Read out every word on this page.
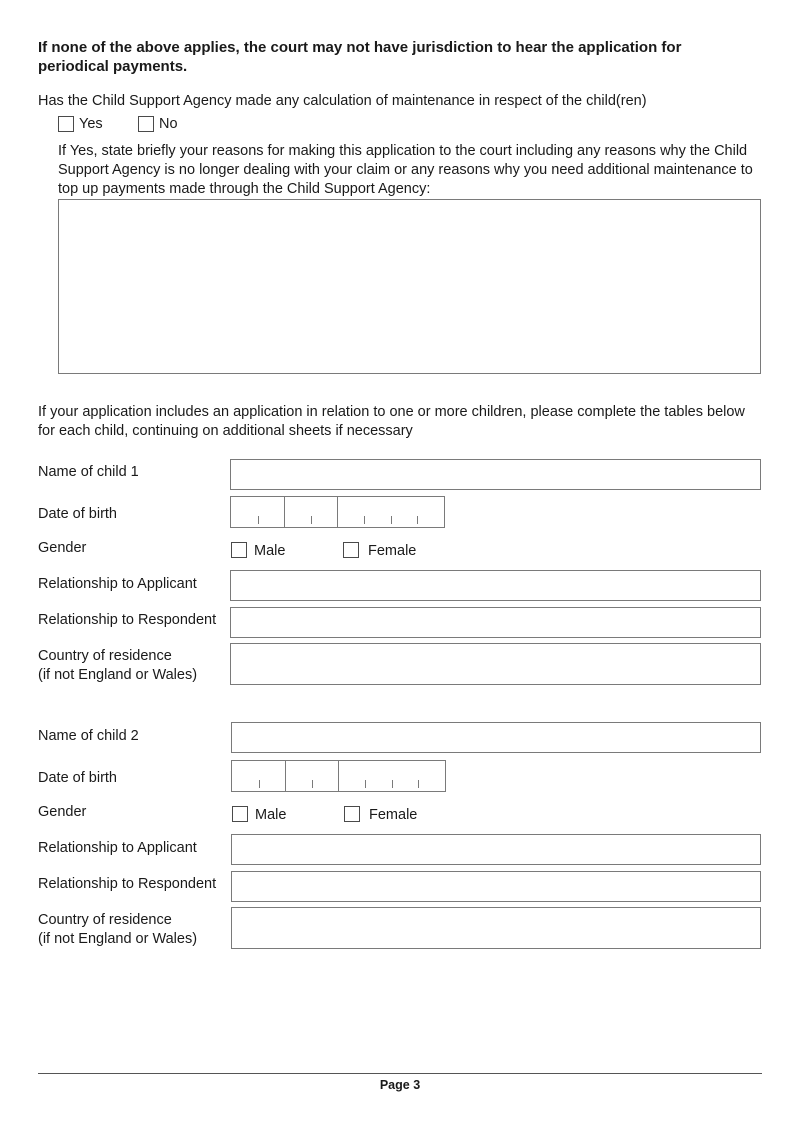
If none of the above applies, the court may not have jurisdiction to hear the application for periodical payments.
Has the Child Support Agency made any calculation of maintenance in respect of the child(ren)
Yes	No
If Yes, state briefly your reasons for making this application to the court including any reasons why the Child Support Agency is no longer dealing with your claim or any reasons why you need additional maintenance to top up payments made through the Child Support Agency:
If your application includes an application in relation to one or more children, please complete the tables below for each child, continuing on additional sheets if necessary
Name of child 1
Date of birth
Gender	Male	Female
Relationship to Applicant
Relationship to Respondent
Country of residence
(if not England or Wales)
Name of child 2
Date of birth
Gender	Male	Female
Relationship to Applicant
Relationship to Respondent
Country of residence
(if not England or Wales)
Page 3
